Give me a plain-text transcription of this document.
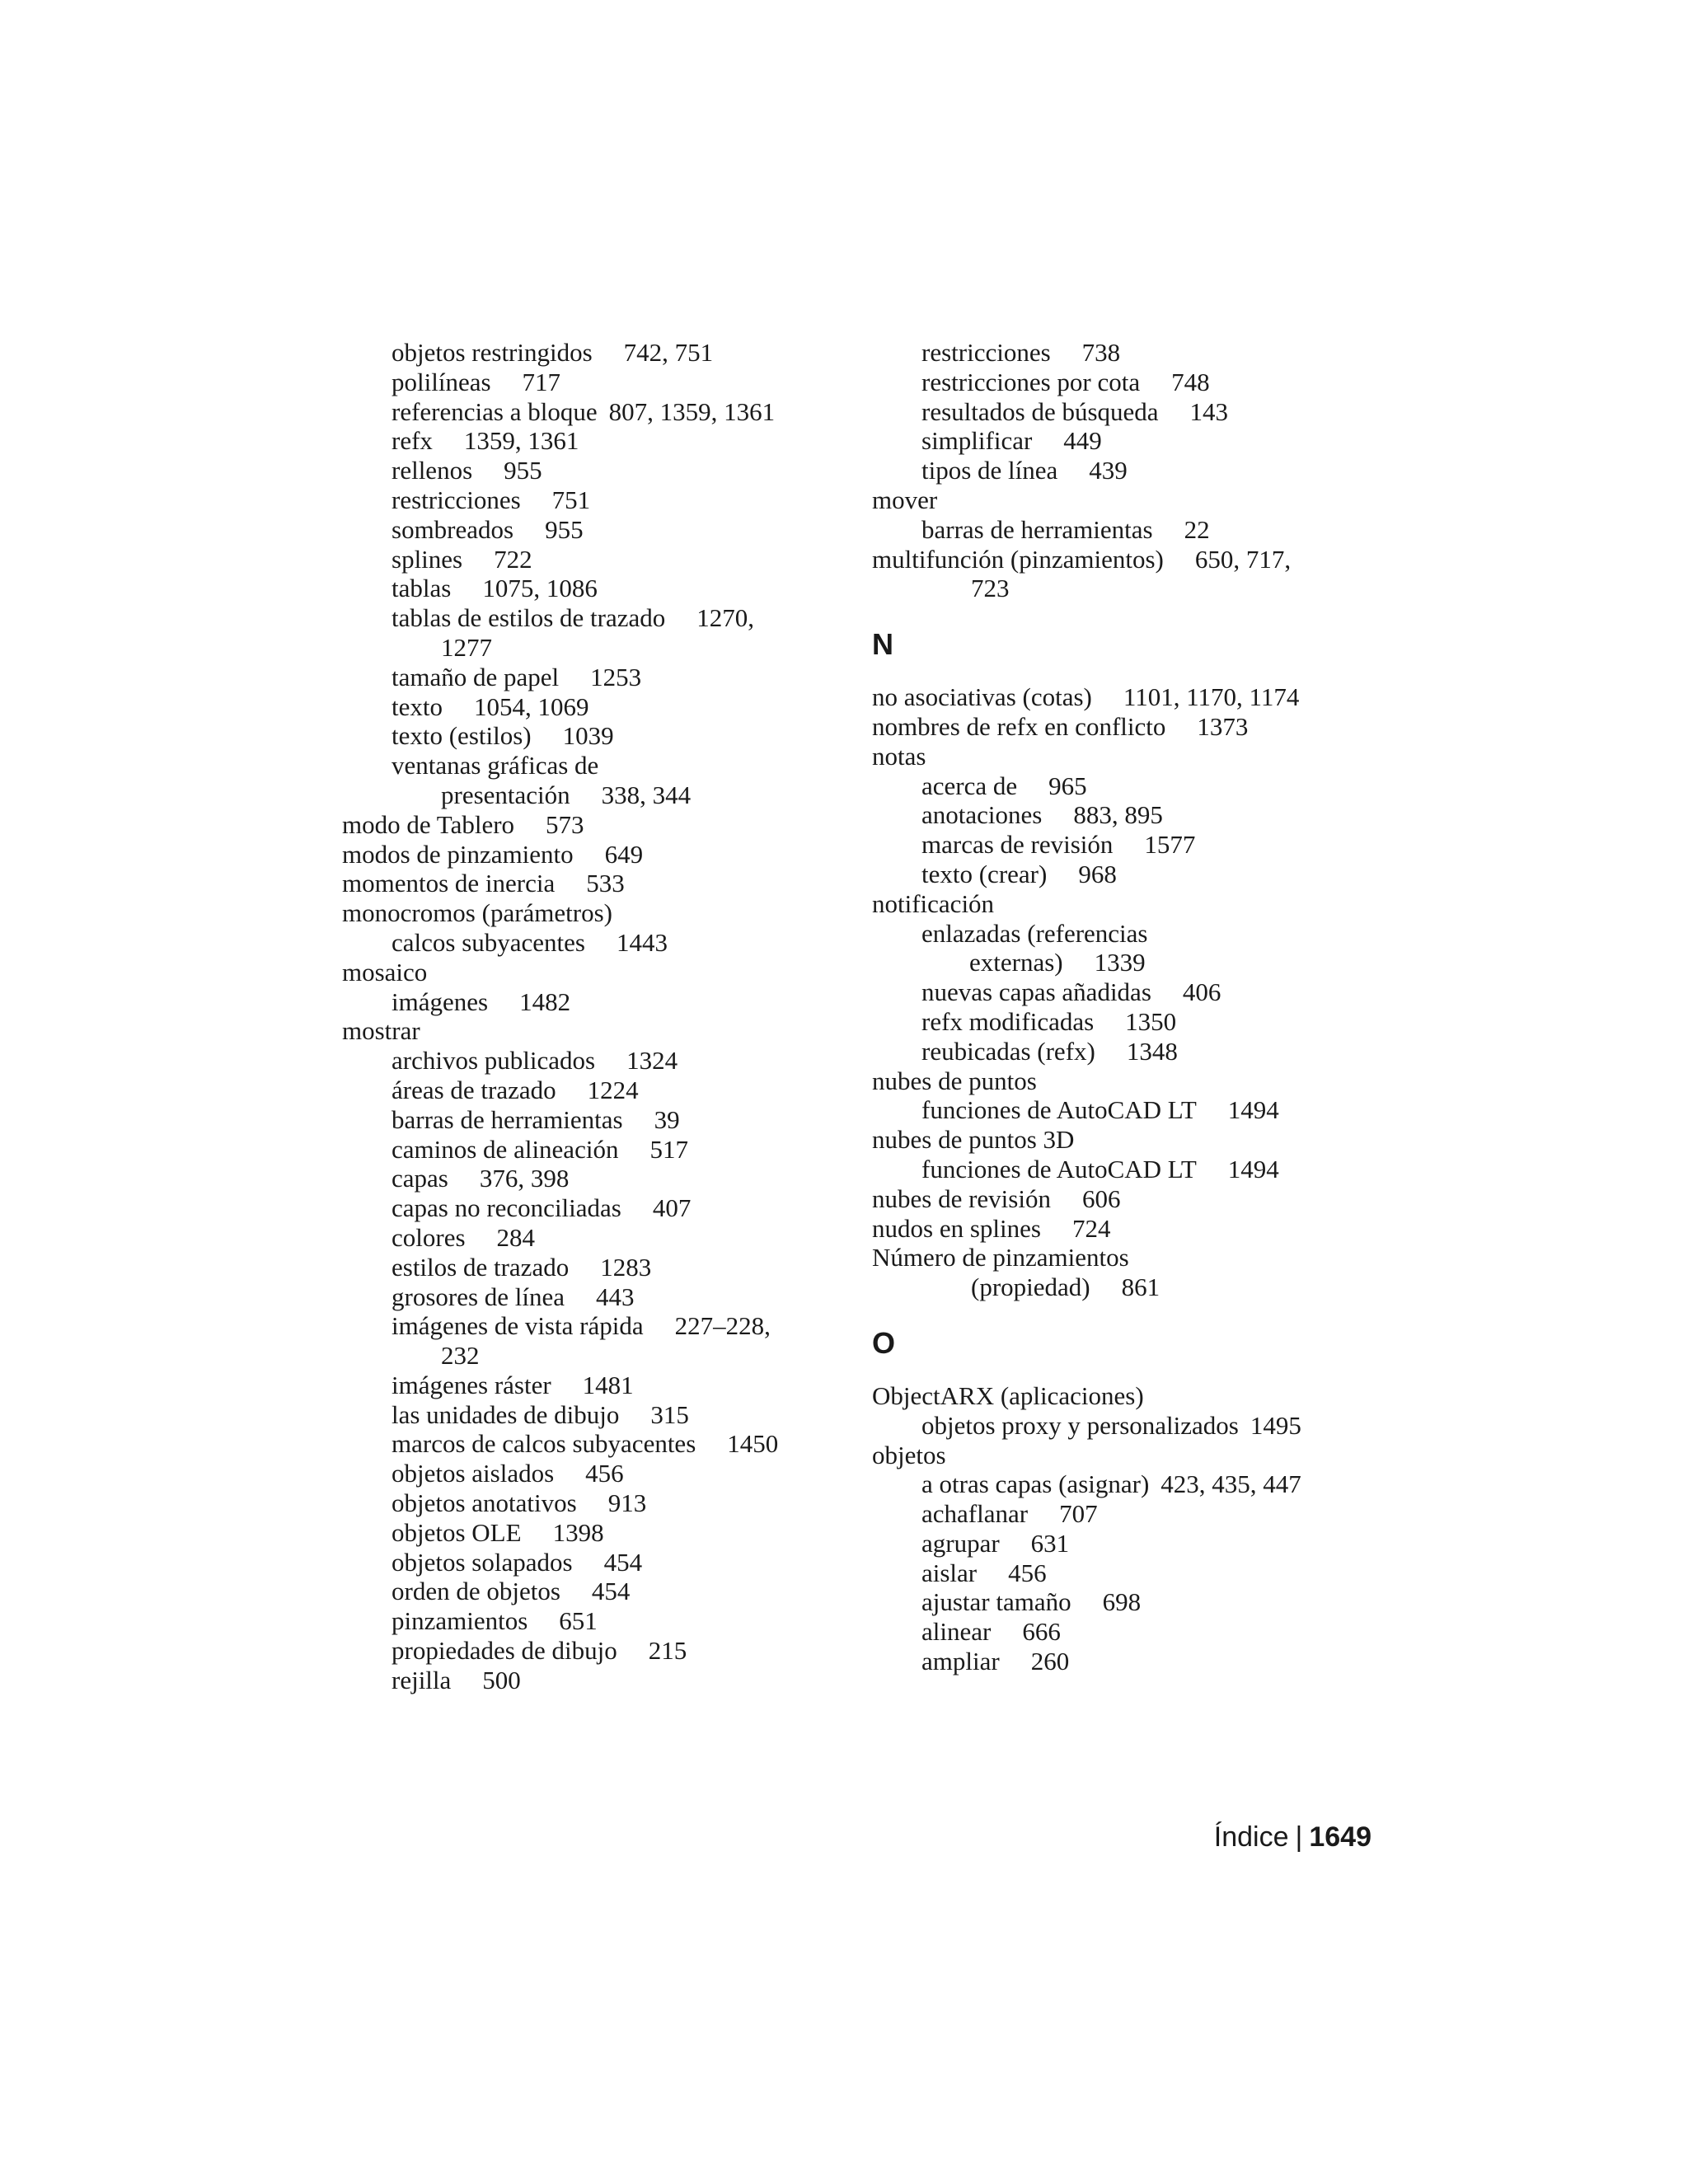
objetos restringidos 742, 751
polilíneas 717
referencias a bloque 807, 1359, 1361
refx 1359, 1361
rellenos 955
restricciones 751
sombreados 955
splines 722
tablas 1075, 1086
tablas de estilos de trazado 1270,
1277
tamaño de papel 1253
texto 1054, 1069
texto (estilos) 1039
ventanas gráficas de
presentación 338, 344
modo de Tablero 573
modos de pinzamiento 649
momentos de inercia 533
monocromos (parámetros)
calcos subyacentes 1443
mosaico
imágenes 1482
mostrar
archivos publicados 1324
áreas de trazado 1224
barras de herramientas 39
caminos de alineación 517
capas 376, 398
capas no reconciliadas 407
colores 284
estilos de trazado 1283
grosores de línea 443
imágenes de vista rápida 227–228,
232
imágenes ráster 1481
las unidades de dibujo 315
marcos de calcos subyacentes 1450
objetos aislados 456
objetos anotativos 913
objetos OLE 1398
objetos solapados 454
orden de objetos 454
pinzamientos 651
propiedades de dibujo 215
rejilla 500
restricciones 738
restricciones por cota 748
resultados de búsqueda 143
simplificar 449
tipos de línea 439
mover
barras de herramientas 22
multifunción (pinzamientos) 650, 717,
723
N
no asociativas (cotas) 1101, 1170, 1174
nombres de refx en conflicto 1373
notas
acerca de 965
anotaciones 883, 895
marcas de revisión 1577
texto (crear) 968
notificación
enlazadas (referencias
externas) 1339
nuevas capas añadidas 406
refx modificadas 1350
reubicadas (refx) 1348
nubes de puntos
funciones de AutoCAD LT 1494
nubes de puntos 3D
funciones de AutoCAD LT 1494
nubes de revisión 606
nudos en splines 724
Número de pinzamientos
(propiedad) 861
O
ObjectARX (aplicaciones)
objetos proxy y personalizados 1495
objetos
a otras capas (asignar) 423, 435, 447
achaflanar 707
agrupar 631
aislar 456
ajustar tamaño 698
alinear 666
ampliar 260
Índice | 1649
